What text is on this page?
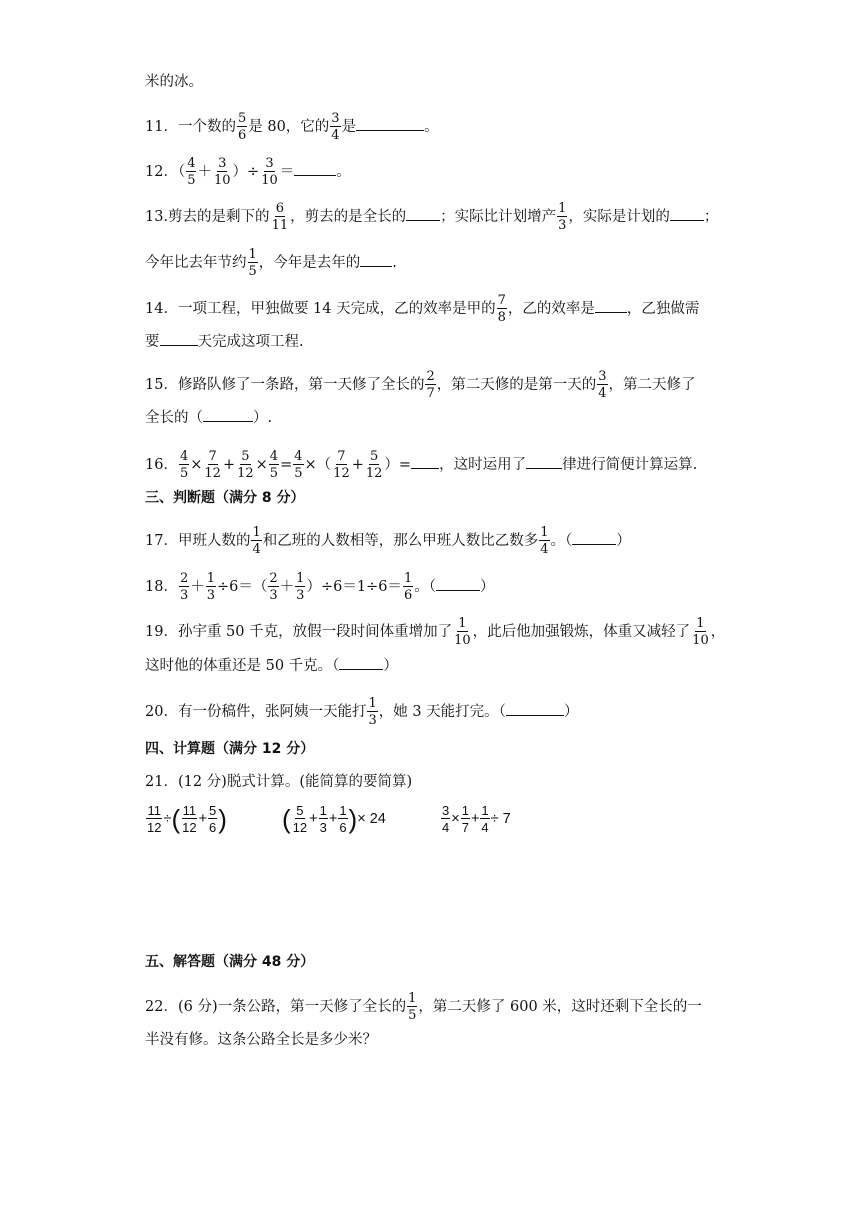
米的冰。
11．一个数的 $\frac{5}{6}$ 是 80，它的 $\frac{3}{4}$ 是	。
12．（ $\frac{4}{5} + \frac{3}{10}$ ）÷ $\frac{3}{10}$ ＝	。
13.剪去的是剩下的 $\frac{6}{11}$ ，剪去的是全长的 ；实际比计划增产 $\frac{1}{3}$ ，实际是计划的 ；
今年比去年节约 $\frac{1}{5}$ ，今年是去年的 .
14．一项工程，甲独做要 14 天完成，乙的效率是甲的 $\frac{7}{8}$ ，乙的效率是 ，乙独做需
要	天完成这项工程.
15．修路队修了一条路，第一天修了全长的 $\frac{2}{7}$ ，第二天修的是第一天的 $\frac{3}{4}$ ，第二天修了
全长的（	）.
16． $\frac{4}{5} \times \frac{7}{12} + \frac{5}{12} \times \frac{4}{5} = \frac{4}{5}$ ×（ $\frac{7}{12} + \frac{5}{12}$ ）= ，这时运用了 律进行简便计算运算.
三、判断题（满分 8 分）
17．甲班人数的 $\frac{1}{4}$ 和乙班的人数相等，那么甲班人数比乙数多 $\frac{1}{4}$ 。（	）
18． $\frac{2}{3} + \frac{1}{3} \div 6=( \frac{2}{3} + \frac{1}{3} )\div 6=1\div 6= \frac{1}{6}$ 。（	）
19．孙宇重 50 千克，放假一段时间体重增加了 $\frac{1}{10}$ ，此后他加强锻炼，体重又减轻了 $\frac{1}{10}$ ，
这时他的体重还是 50 千克。（	）
20．有一份稿件，张阿姨一天能打 $\frac{1}{3}$ ，她 3 天能打完。（	）
四、计算题（满分 12 分）
21．(12 分)脱式计算。(能简算的要简算)
$\frac{11}{12}$ ÷( $\frac{11}{12} + \frac{5}{6}$ ) ( $\frac{5}{12} + \frac{1}{3} + \frac{1}{6}$ )× 24	$\frac{3}{4} \times \frac{1}{7} + \frac{1}{4} \div 7$
五、解答题（满分 48 分）
22．(6 分)一条公路，第一天修了全长的 $\frac{1}{5}$ ，第二天修了 600 米，这时还剩下全长的一
半没有修。这条公路全长是多少米？
